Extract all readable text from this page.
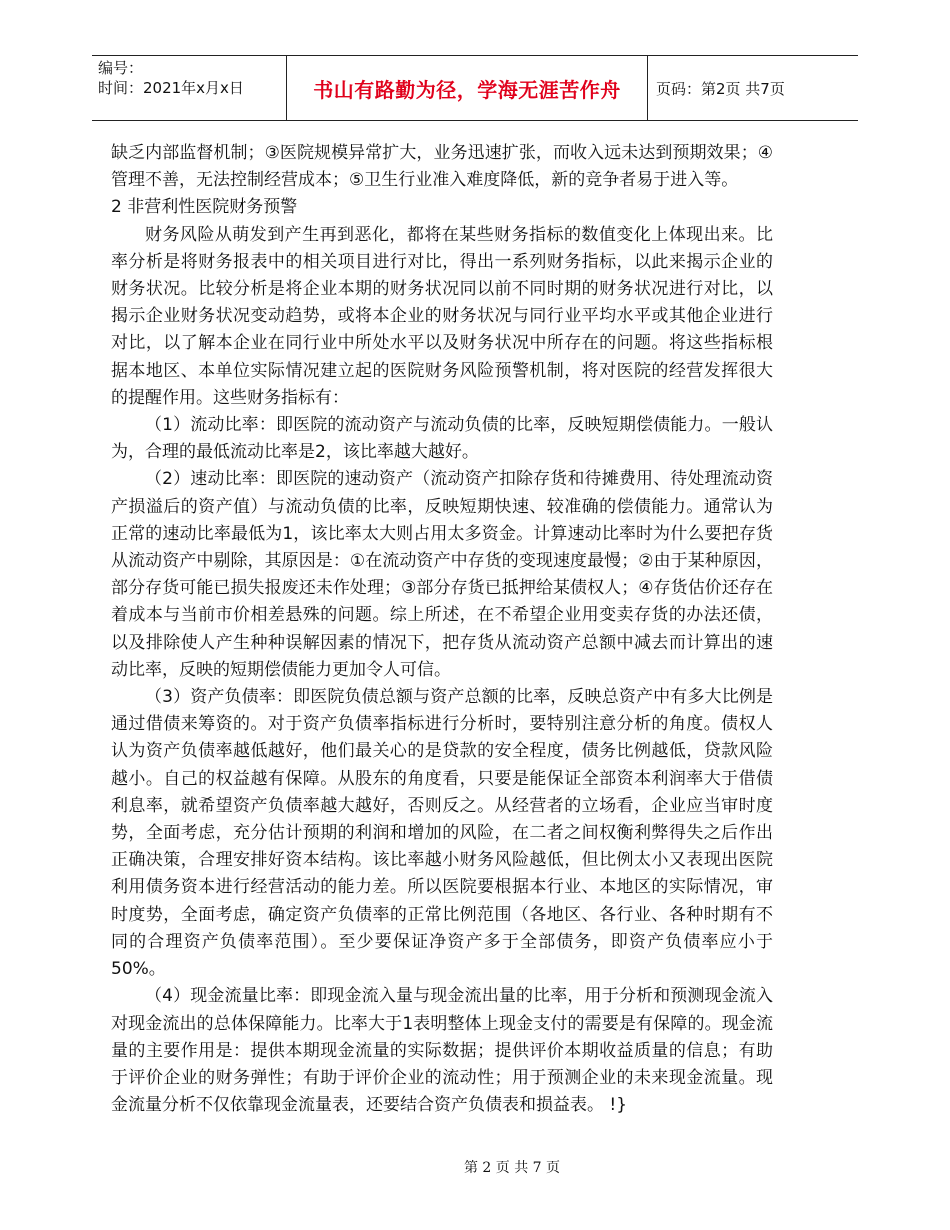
编号：
时间：2021年x月x日	书山有路勤为径，学海无涯苦作舟	页码：第2页 共7页

缺乏内部监督机制；③医院规模异常扩大，业务迅速扩张，而收入远未达到预期效果；④管理不善，无法控制经营成本；⑤卫生行业准入难度降低，新的竞争者易于进入等。

2 非营利性医院财务预警

财务风险从萌发到产生再到恶化，都将在某些财务指标的数值变化上体现出来。比率分析是将财务报表中的相关项目进行对比，得出一系列财务指标，以此来揭示企业的财务状况。比较分析是将企业本期的财务状况同以前不同时期的财务状况进行对比，以揭示企业财务状况变动趋势，或将本企业的财务状况与同行业平均水平或其他企业进行对比，以了解本企业在同行业中所处水平以及财务状况中所存在的问题。将这些指标根据本地区、本单位实际情况建立起的医院财务风险预警机制，将对医院的经营发挥很大的提醒作用。这些财务指标有：

（1）流动比率：即医院的流动资产与流动负债的比率，反映短期偿债能力。一般认为，合理的最低流动比率是2，该比率越大越好。

（2）速动比率：即医院的速动资产（流动资产扣除存货和待摊费用、待处理流动资产损溢后的资产值）与流动负债的比率，反映短期快速、较准确的偿债能力。通常认为正常的速动比率最低为1，该比率太大则占用太多资金。计算速动比率时为什么要把存货从流动资产中剔除，其原因是：①在流动资产中存货的变现速度最慢；②由于某种原因，部分存货可能已损失报废还未作处理；③部分存货已抵押给某债权人；④存货估价还存在着成本与当前市价相差悬殊的问题。综上所述，在不希望企业用变卖存货的办法还债，以及排除使人产生种种误解因素的情况下，把存货从流动资产总额中减去而计算出的速动比率，反映的短期偿债能力更加令人可信。

（3）资产负债率：即医院负债总额与资产总额的比率，反映总资产中有多大比例是通过借债来筹资的。对于资产负债率指标进行分析时，要特别注意分析的角度。债权人认为资产负债率越低越好，他们最关心的是贷款的安全程度，债务比例越低，贷款风险越小。自己的权益越有保障。从股东的角度看，只要是能保证全部资本利润率大于借债利息率，就希望资产负债率越大越好，否则反之。从经营者的立场看，企业应当审时度势，全面考虑，充分估计预期的利润和增加的风险，在二者之间权衡利弊得失之后作出正确决策，合理安排好资本结构。该比率越小财务风险越低，但比例太小又表现出医院利用债务资本进行经营活动的能力差。所以医院要根据本行业、本地区的实际情况，审时度势，全面考虑，确定资产负债率的正常比例范围（各地区、各行业、各种时期有不同的合理资产负债率范围）。至少要保证净资产多于全部债务，即资产负债率应小于50%。

（4）现金流量比率：即现金流入量与现金流出量的比率，用于分析和预测现金流入对现金流出的总体保障能力。比率大于1表明整体上现金支付的需要是有保障的。现金流量的主要作用是：提供本期现金流量的实际数据；提供评价本期收益质量的信息；有助于评价企业的财务弹性；有助于评价企业的流动性；用于预测企业的未来现金流量。现金流量分析不仅依靠现金流量表，还要结合资产负债表和损益表。 !}

第 2 页 共 7 页
